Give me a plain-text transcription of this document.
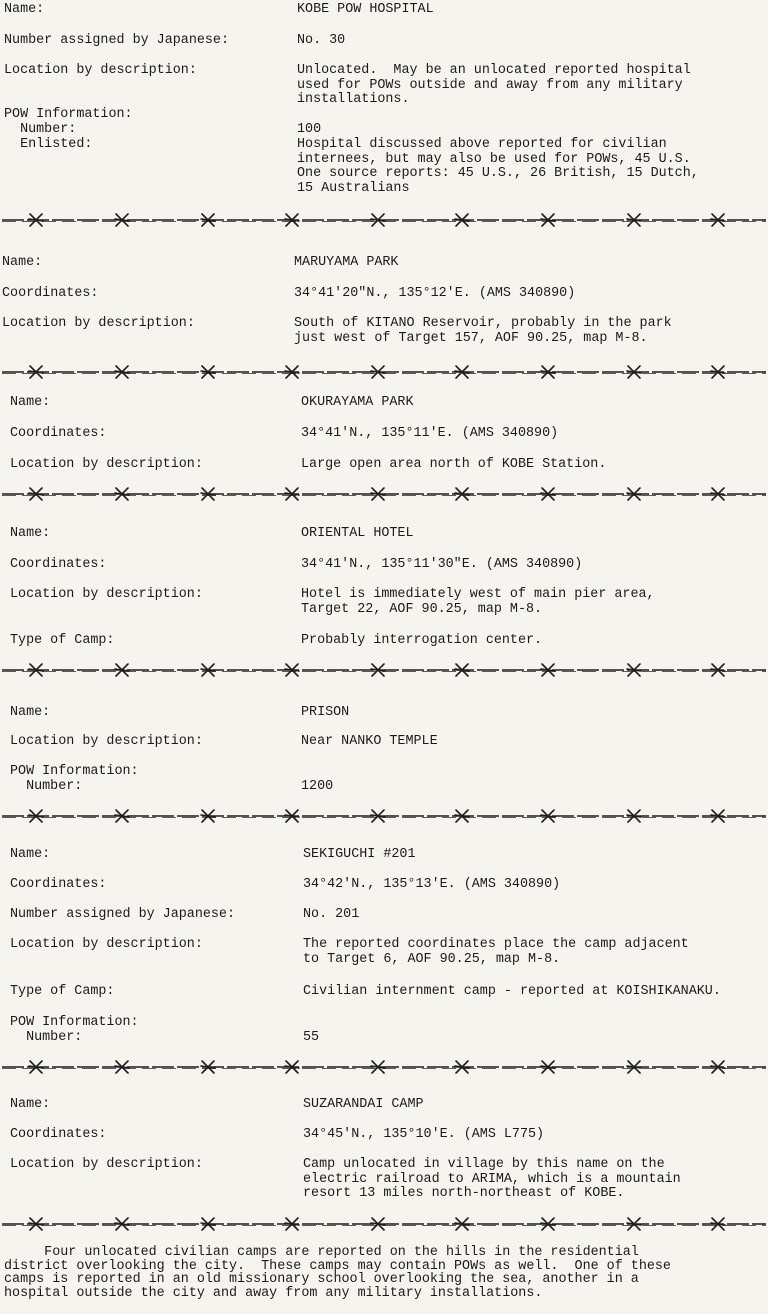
Name:	KOBE POW HOSPITAL
Number assigned by Japanese:	No. 30
Location by description:	Unlocated.  May be an unlocated reported hospital
used for POWs outside and away from any military
installations.
POW Information:
Number:	100
Enlisted:	Hospital discussed above reported for civilian
internees, but may also be used for POWs, 45 U.S.
One source reports: 45 U.S., 26 British, 15 Dutch,
15 Australians
Name:	MARUYAMA PARK
Coordinates:	34°41'20"N., 135°12'E. (AMS 340890)
Location by description:	South of KITANO Reservoir, probably in the park
just west of Target 157, AOF 90.25, map M-8.
Name:	OKURAYAMA PARK
Coordinates:	34°41'N., 135°11'E. (AMS 340890)
Location by description:	Large open area north of KOBE Station.
Name:	ORIENTAL HOTEL
Coordinates:	34°41'N., 135°11'30"E. (AMS 340890)
Location by description:	Hotel is immediately west of main pier area,
Target 22, AOF 90.25, map M-8.
Type of Camp:	Probably interrogation center.
Name:	PRISON
Location by description:	Near NANKO TEMPLE
POW Information:
Number:	1200
Name:	SEKIGUCHI #201
Coordinates:	34°42'N., 135°13'E. (AMS 340890)
Number assigned by Japanese:	No. 201
Location by description:	The reported coordinates place the camp adjacent
to Target 6, AOF 90.25, map M-8.
Type of Camp:	Civilian internment camp - reported at KOISHIKANAKU.
POW Information:
Number:	55
Name:	SUZARANDAI CAMP
Coordinates:	34°45'N., 135°10'E. (AMS L775)
Location by description:	Camp unlocated in village by this name on the
electric railroad to ARIMA, which is a mountain
resort 13 miles north-northeast of KOBE.
Four unlocated civilian camps are reported on the hills in the residential
district overlooking the city.  These camps may contain POWs as well.  One of these
camps is reported in an old missionary school overlooking the sea, another in a
hospital outside the city and away from any military installations.
